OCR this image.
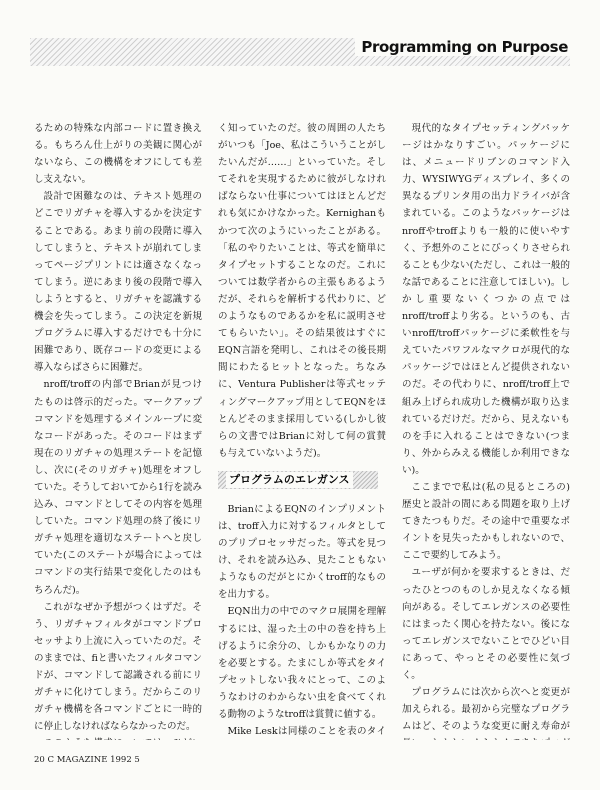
Programming on Purpose

るための特殊な内部コードに置き換える。もちろん仕上がりの美観に関心がないなら、この機構をオフにしても差し支えない。

設計で困難なのは、テキスト処理のどこでリガチャを導入するかを決定することである。あまり前の段階に導入してしまうと、テキストが崩れてしまってページプリントには適さなくなってしまう。逆にあまり後の段階で導入しようとすると、リガチャを認識する機会を失ってしまう。この決定を新規プログラムに導入するだけでも十分に困難であり、既存コードの変更による導入ならばさらに困難だ。

nroff/troffの内部でBrianが見つけたものは啓示的だった。マークアップコマンドを処理するメインループに変なコードがあった。そのコードはまず現在のリガチャの処理ステートを記憶し、次に(そのリガチャ)処理をオフしていた。そうしておいてから1行を読み込み、コマンドとしてその内容を処理していた。コマンド処理の終了後にリガチャ処理を適切なステートへと戻していた(このステートが場合によってはコマンドの実行結果で変化したのはもちろんだ)。

これがなぜか予想がつくはずだ。そう、リガチャフィルタがコマンドプロセッサより上流に入っていたのだ。そのままでは、fiと書いたフィルタコマンドが、コマンドして認識される前にリガチャに化けてしまう。だからこのリガチャ機構を各コマンドごとに一時的に停止しなければならなかったのだ。

く知っていたのだ。彼の周囲の人たちがいつも「Joe、私はこういうことがしたいんだが……」といっていた。そしてそれを実現するために彼がしなければならない仕事についてはほとんどだれも気にかけなかった。Kernighanもかつて次のようにいったことがある。「私のやりたいことは、等式を簡単にタイプセットすることなのだ。これについては数学者からの主張もあるようだが、それらを解析する代わりに、どのようなものであるかを私に説明させてもらいたい」。その結果彼はすぐにEQN言語を発明し、これはその後長期間にわたるヒットとなった。ちなみに、Ventura Publisherは等式セッティングマークアップ用としてEQNをほとんどそのまま採用している(しかし彼らの文書ではBrianに対して何の賞賛も与えていないようだ)。

プログラムのエレガンス

BrianによるEQNのインプリメントは、troff入力に対するフィルタとしてのプリプロセッサだった。等式を見つけ、それを読み込み、見たこともないようなものだがとにかくtroff的なものを出力する。

EQN出力の中でのマクロ展開を理解するには、湿った土の中の巻を持ち上げるように余分の、しかもかなりの力を必要とする。たまにしか等式をタイプセットしない我々にとって、このようなわけのわからない虫を食べてくれる動物のようなtroffは賞賛に値する。

Mike Leskは同様のことを表のタイ

現代的なタイプセッティングパッケージはかなりすごい。パッケージには、メニュードリブンのコマンド入力、WYSIWYGディスプレイ、多くの異なるプリンタ用の出力ドライバが含まれている。このようなパッケージはnroffやtroffよりも一般的に使いやすく、予想外のことにびっくりさせられることも少ない(ただし、これは一般的な話であることに注意してほしい)。しかし重要ないくつかの点ではnroff/troffより劣る。というのも、古いnroff/troffパッケージに柔軟性を与えていたパワフルなマクロが現代的なパッケージではほとんど提供されないのだ。その代わりに、nroff/troff上で組み上げられ成功した機構が取り込まれているだけだ。だから、見えないものを手に入れることはできない(つまり、外からみえる機能しか利用できない)。

ここまでで私は(私の見るところの)歴史と設計の間にある問題を取り上げてきたつもりだ。その途中で重要なポイントを見失ったかもしれないので、ここで要約してみよう。

ユーザが何かを要求するときは、だったひとつのものしか見えなくなる傾向がある。そしてエレガンスの必要性にはまったく関心を持たない。後になってエレガンスでないことでひどい目にあって、やっとその必要性に気づく。

プログラムには次から次へと変更が加えられる。最初から完璧なプログラムはど、そのような変更に耐え寿命が

20 C MAGAZINE 1992 5
